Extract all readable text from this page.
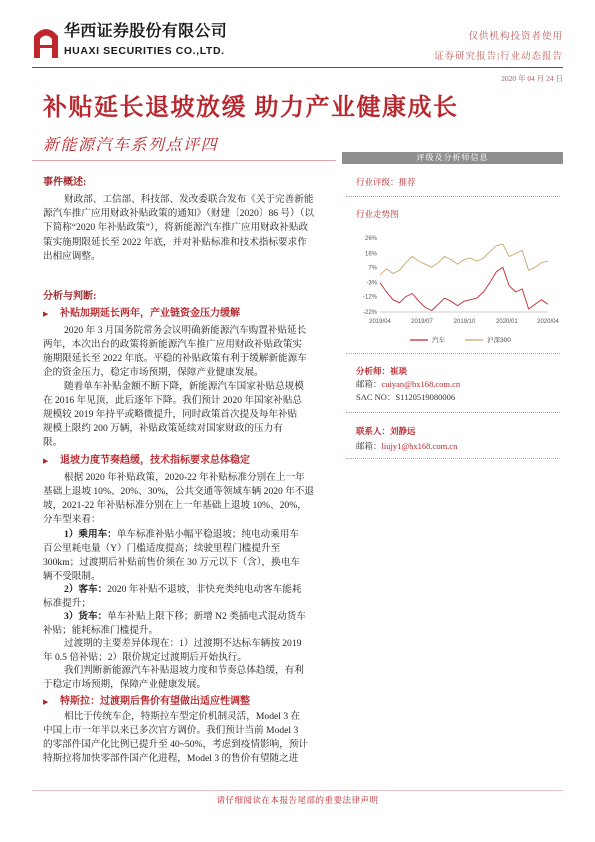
华西证券股份有限公司
HUAXI SECURITIES CO.,LTD.
仅供机构投资者使用
证券研究报告|行业动态报告
2020 年 04 月 24 日
补贴延长退坡放缓 助力产业健康成长
新能源汽车系列点评四
事件概述:
财政部、工信部、科技部、发改委联合发布《关于完善新能
源汽车推广应用财政补贴政策的通知》（财建〔2020〕86 号）（以
下简称“2020 年补贴政策”），将新能源汽车推广应用财政补贴政
策实施期限延长至 2022 年底，并对补贴标准和技术指标要求作
出相应调整。
分析与判断:
▶ 补贴加期延长两年，产业链资金压力缓解
2020 年 3 月国务院常务会议明确新能源汽车购置补贴延长
两年，本次出台的政策将新能源汽车推广应用财政补贴政策实
施期限延长至 2022 年底。平稳的补贴政策有利于缓解新能源车
企的资金压力，稳定市场预期，保障产业健康发展。
随着单车补贴金额不断下降，新能源汽车国家补贴总规模
在 2016 年见顶，此后逐年下降。我们预计 2020 年国家补贴总
规模较 2019 年持平或略微提升，同时政策首次提及每年补贴
规模上限约 200 万辆，补贴政策延续对国家财政的压力有
限。
▶ 退坡力度节奏趋缓，技术指标要求总体稳定
根据 2020 年补贴政策，2020-22 年补贴标准分别在上一年
基础上退坡 10%、20%、30%，公共交通等领域车辆 2020 年不退
坡，2021-22 年补贴标准分别在上一年基础上退坡 10%、20%，
分车型来看：
1）乘用车：单车标准补贴小幅平稳退坡；纯电动乘用车
百公里耗电量（Y）门槛适度提高；续驶里程门槛提升至
300km；过渡期后补贴前售价须在 30 万元以下（含），换电车
辆不受限制。
2）客车：2020 年补贴不退坡，非快充类纯电动客车能耗
标准提升；
3）货车：单车补贴上限下移；新增 N2 类插电式混动货车
补贴；能耗标准门槛提升。
过渡期的主要差异体现在：1）过渡期不达标车辆按 2019
年 0.5 倍补贴；2）限价规定过渡期后开始执行。
我们判断新能源汽车补贴退坡力度和节奏总体趋缓，有利
于稳定市场预期，保障产业健康发展。
▶ 特斯拉：过渡期后售价有望做出适应性调整
相比于传统车企，特斯拉车型定价机制灵活，Model 3 在
中国上市一年半以来已多次官方调价。我们预计当前 Model 3
的零部件国产化比例已提升至 40~50%，考虑到疫情影响，预计
特斯拉将加快零部件国产化进程，Model 3 的售价有望随之进
评级及分析师信息
行业评级：推荐
行业走势图
26%
16%
7%
-3%
-12%
-22%
2019/04	2019/07	2019/10	2020/01	2020/04
汽车	沪深300
分析师：崔琰
邮箱：cuiyan@hx168.com.cn
SAC NO：S1120519080006
联系人：刘静远
邮箱：liujy1@hx168.com.cn
请仔细阅读在本报告尾部的重要法律声明
